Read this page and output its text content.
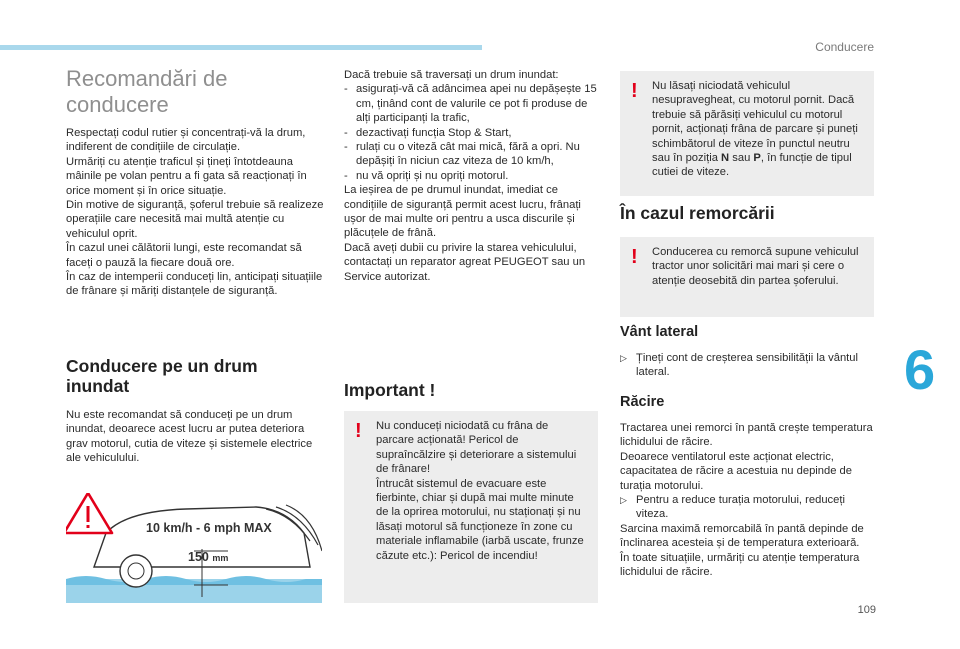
Conducere
6
109
Recomandări de conducere

Respectați codul rutier și concentrați-vă la drum, indiferent de condițiile de circulație.

Urmăriți cu atenție traficul și țineți întotdeauna mâinile pe volan pentru a fi gata să reacționați în orice moment și în orice situație.

Din motive de siguranță, șoferul trebuie să realizeze operațiile care necesită mai multă atenție cu vehiculul oprit.

În cazul unei călătorii lungi, este recomandat să faceți o pauză la fiecare două ore.

În caz de intemperii conduceți lin, anticipați situațiile de frânare și măriți distanțele de siguranță.

Conducere pe un drum inundat

Nu este recomandat să conduceți pe un drum inundat, deoarece acest lucru ar putea deteriora grav motorul, cutia de viteze și sistemele electrice ale vehiculului.

10 km/h - 6 mph MAX
150 mm

Dacă trebuie să traversați un drum inundat:

- asigurați-vă că adâncimea apei nu depășește 15 cm, ținând cont de valurile ce pot fi produse de alți participanți la trafic,
- dezactivați funcția Stop & Start,
- rulați cu o viteză cât mai mică, fără a opri. Nu depășiți în niciun caz viteza de 10 km/h,
- nu vă opriți și nu opriți motorul.

La ieșirea de pe drumul inundat, imediat ce condițiile de siguranță permit acest lucru, frânați ușor de mai multe ori pentru a usca discurile și plăcuțele de frână.

Dacă aveți dubii cu privire la starea vehiculului, contactați un reparator agreat PEUGEOT sau un Service autorizat.

Important !
! Nu conduceți niciodată cu frâna de parcare acționată! Pericol de supraîncălzire și deteriorare a sistemului de frânare!

Întrucât sistemul de evacuare este fierbinte, chiar și după mai multe minute de la oprirea motorului, nu staționați și nu lăsați motorul să funcționeze în zone cu materiale inflamabile (iarbă uscate, frunze căzute etc.): Pericol de incendiu!

! Nu lăsați niciodată vehiculul nesupravegheat, cu motorul pornit. Dacă trebuie să părăsiți vehiculul cu motorul pornit, acționați frâna de parcare și puneți schimbătorul de viteze în punctul neutru sau în poziția N sau P, în funcție de tipul cutiei de viteze.

În cazul remorcării
! Conducerea cu remorcă supune vehiculul tractor unor solicitări mai mari și cere o atenție deosebită din partea șoferului.

Vânt lateral
▷ Țineți cont de creșterea sensibilității la vântul lateral.
Răcire

Tractarea unei remorci în pantă crește temperatura lichidului de răcire.

Deoarece ventilatorul este acționat electric, capacitatea de răcire a acestuia nu depinde de turația motorului.

▷ Pentru a reduce turația motorului, reduceți viteza.

Sarcina maximă remorcabilă în pantă depinde de înclinarea acesteia și de temperatura exterioară.

În toate situațiile, urmăriți cu atenție temperatura lichidului de răcire.
